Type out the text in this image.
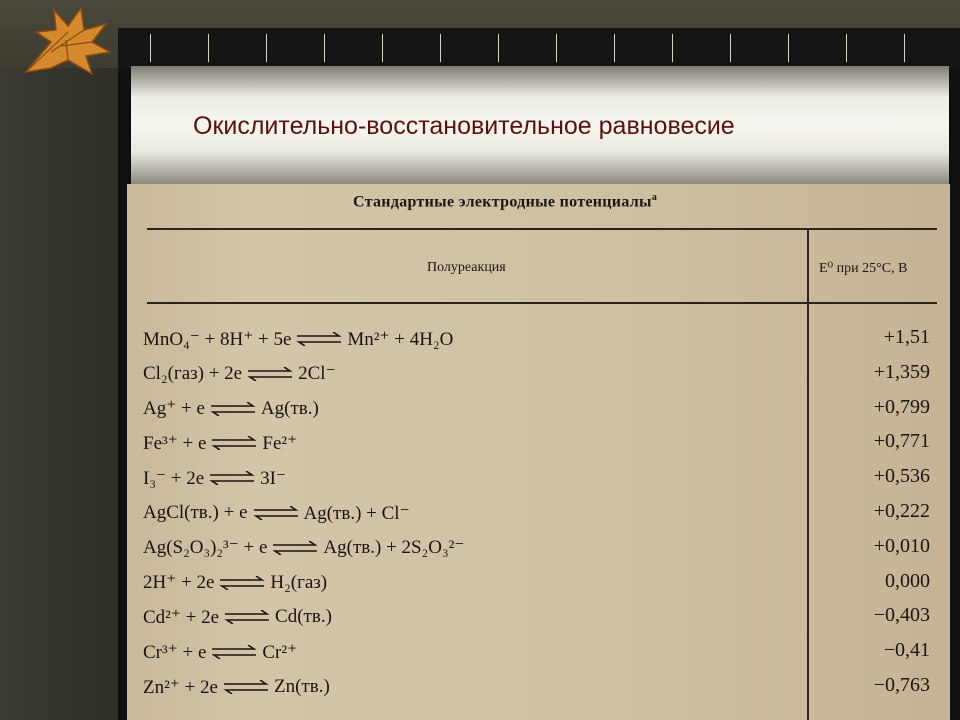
Окислительно-восстановительное равновесие
Стандартные электродные потенциалы$^а$
Полуреакция	E⁰ при 25°C, В
MnO₄⁻ + 8H⁺ + 5e ⇌ Mn²⁺ + 4H₂O	+1,51
Cl₂(газ) + 2e ⇌ 2Cl⁻	+1,359
Ag⁺ + e ⇌ Ag(тв.)	+0,799
Fe³⁺ + e ⇌ Fe²⁺	+0,771
I₃⁻ + 2e ⇌ 3I⁻	+0,536
AgCl(тв.) + e ⇌ Ag(тв.) + Cl⁻	+0,222
Ag(S₂O₃)₂³⁻ + e ⇌ Ag(тв.) + 2S₂O₃²⁻	+0,010
2H⁺ + 2e ⇌ H₂(газ)	0,000
Cd²⁺ + 2e ⇌ Cd(тв.)	−0,403
Cr³⁺ + e ⇌ Cr²⁺	−0,41
Zn²⁺ + 2e ⇌ Zn(тв.)	−0,763
